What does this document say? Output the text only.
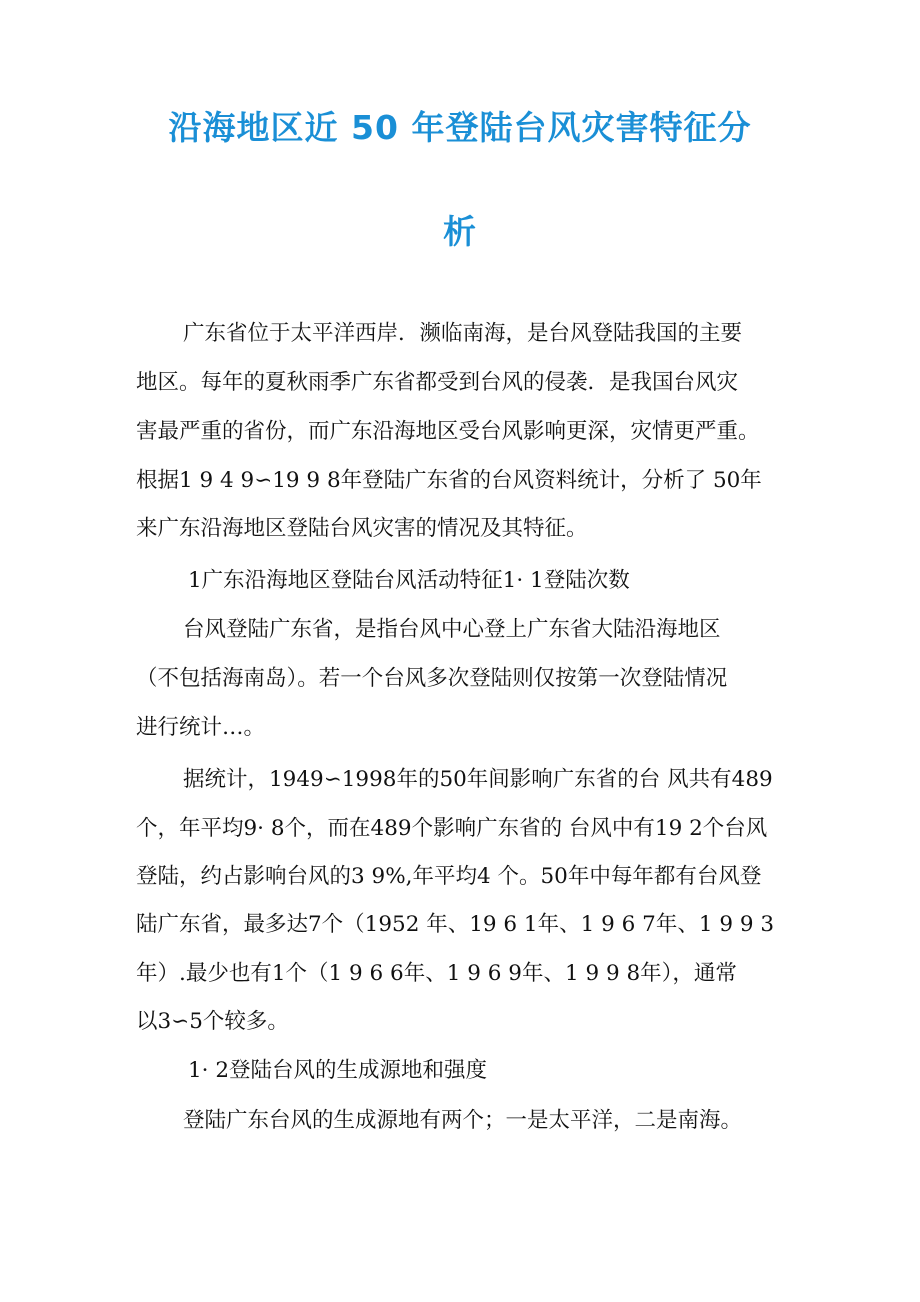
沿海地区近 50 年登陆台风灾害特征分
析
广东省位于太平洋西岸．濒临南海，是台风登陆我国的主要
地区。每年的夏秋雨季广东省都受到台风的侵袭．是我国台风灾
害最严重的省份，而广东沿海地区受台风影响更深，灾情更严重。
根据1 9 4 9∽19 9 8年登陆广东省的台风资料统计，分析了 50年
来广东沿海地区登陆台风灾害的情况及其特征。
1广东沿海地区登陆台风活动特征1· 1登陆次数
台风登陆广东省，是指台风中心登上广东省大陆沿海地区
（不包括海南岛）。若一个台风多次登陆则仅按第一次登陆情况
进行统计…。
据统计，1949∽1998年的50年间影响广东省的台 风共有489
个，年平均9· 8个，而在489个影响广东省的 台风中有19 2个台风
登陆，约占影响台风的3 9%,年平均4 个。50年中每年都有台风登
陆广东省，最多达7个（1952 年、19 6 1年、1 9 6 7年、1 9 9 3
年）.最少也有1个（1 9 6 6年、1 9 6 9年、1 9 9 8年），通常
以3∽5个较多。
1· 2登陆台风的生成源地和强度
登陆广东台风的生成源地有两个；一是太平洋，二是南海。
